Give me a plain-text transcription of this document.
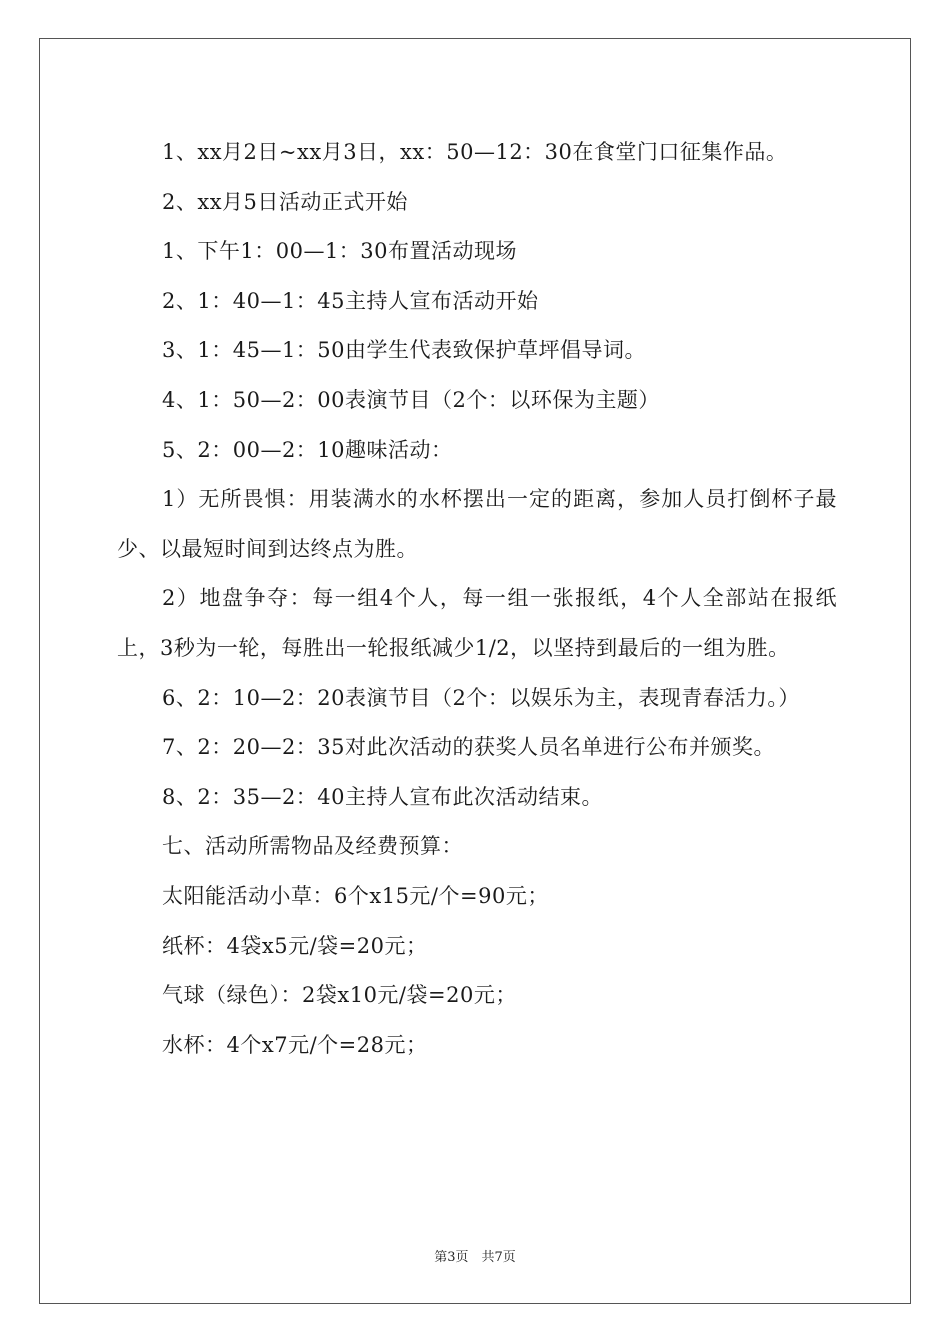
1、xx月2日~xx月3日，xx：50—12：30在食堂门口征集作品。

2、xx月5日活动正式开始

1、下午1：00—1：30布置活动现场

2、1：40—1：45主持人宣布活动开始

3、1：45—1：50由学生代表致保护草坪倡导词。

4、1：50—2：00表演节目（2个：以环保为主题）

5、2：00—2：10趣味活动：

1）无所畏惧：用装满水的水杯摆出一定的距离，参加人员打倒杯子最少、以最短时间到达终点为胜。

2）地盘争夺：每一组4个人，每一组一张报纸，4个人全部站在报纸上，3秒为一轮，每胜出一轮报纸减少1/2，以坚持到最后的一组为胜。

6、2：10—2：20表演节目（2个：以娱乐为主，表现青春活力。）

7、2：20—2：35对此次活动的获奖人员名单进行公布并颁奖。

8、2：35—2：40主持人宣布此次活动结束。

七、活动所需物品及经费预算：

太阳能活动小草：6个x15元/个=90元；

纸杯：4袋x5元/袋=20元；

气球（绿色）：2袋x10元/袋=20元；

水杯：4个x7元/个=28元；

第3页　共7页
